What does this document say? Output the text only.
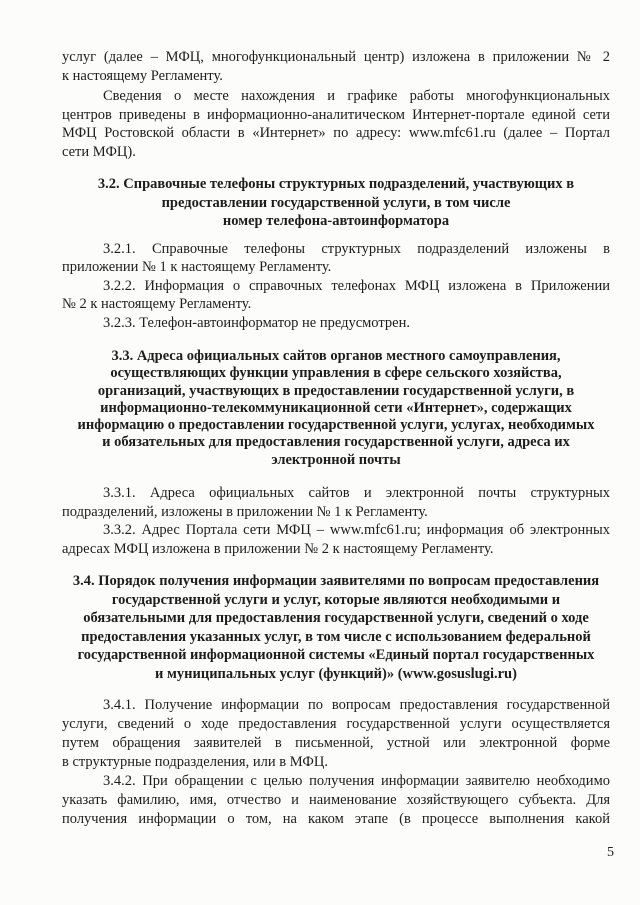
услуг (далее – МФЦ, многофункциональный центр) изложена в приложении № 2
к настоящему Регламенту.
Сведения о месте нахождения и графике работы многофункциональных
центров приведены в информационно-аналитическом Интернет-портале единой сети
МФЦ Ростовской области в «Интернет» по адресу: www.mfc61.ru (далее – Портал
сети МФЦ).
3.2. Справочные телефоны структурных подразделений, участвующих в
предоставлении государственной услуги, в том числе
номер телефона-автоинформатора
3.2.1. Справочные телефоны структурных подразделений изложены в
приложении № 1 к настоящему Регламенту.
3.2.2. Информация о справочных телефонах МФЦ изложена в Приложении
№ 2 к настоящему Регламенту.
3.2.3. Телефон-автоинформатор не предусмотрен.
3.3. Адреса официальных сайтов органов местного самоуправления,
осуществляющих функции управления в сфере сельского хозяйства,
организаций, участвующих в предоставлении государственной услуги, в
информационно-телекоммуникационной сети «Интернет», содержащих
информацию о предоставлении государственной услуги, услугах, необходимых
и обязательных для предоставления государственной услуги, адреса их
электронной почты
3.3.1. Адреса официальных сайтов и электронной почты структурных
подразделений, изложены в приложении № 1 к Регламенту.
3.3.2. Адрес Портала сети МФЦ – www.mfc61.ru; информация об электронных
адресах МФЦ изложена в приложении № 2 к настоящему Регламенту.
3.4. Порядок получения информации заявителями по вопросам предоставления
государственной услуги и услуг, которые являются необходимыми и
обязательными для предоставления государственной услуги, сведений о ходе
предоставления указанных услуг, в том числе с использованием федеральной
государственной информационной системы «Единый портал государственных
и муниципальных услуг (функций)» (www.gosuslugi.ru)
3.4.1. Получение информации по вопросам предоставления государственной
услуги, сведений о ходе предоставления государственной услуги осуществляется
путем обращения заявителей в письменной, устной или электронной форме
в структурные подразделения, или в МФЦ.
3.4.2. При обращении с целью получения информации заявителю необходимо
указать фамилию, имя, отчество и наименование хозяйствующего субъекта. Для
получения информации о том, на каком этапе (в процессе выполнения какой
5
